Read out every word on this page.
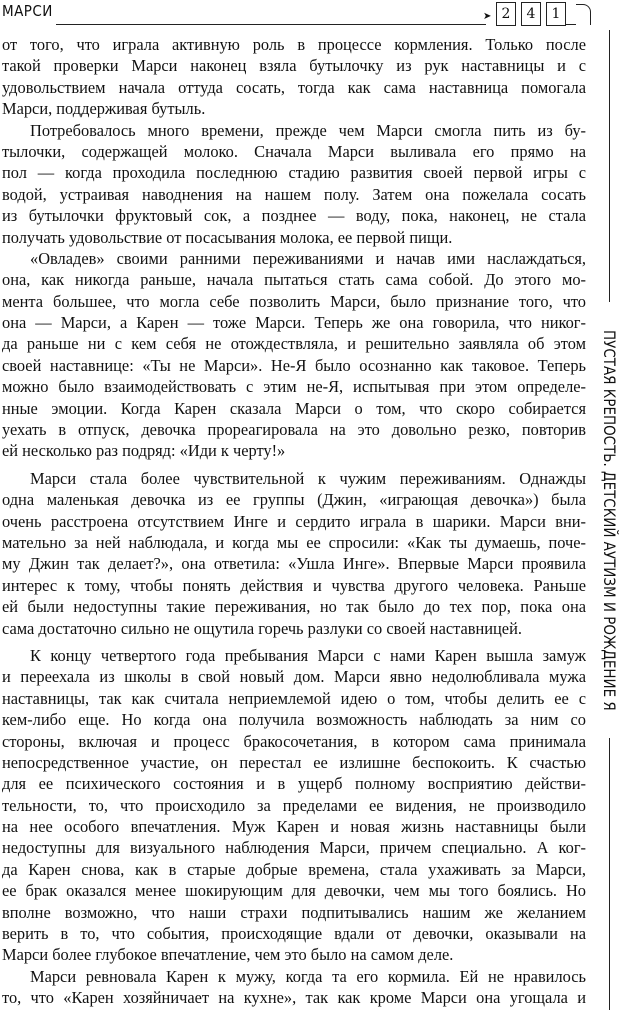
МАРСИ	➤ 2	4	1
ПУСТАЯ КРЕПОСТЬ. ДЕТСКИЙ АУТИЗМ И РОЖДЕНИЕ Я
от того, что играла активную роль в процессе кормления. Только после
такой проверки Марси наконец взяла бутылочку из рук наставницы и с
удовольствием начала оттуда сосать, тогда как сама наставница помогала
Марси, поддерживая бутыль.
Потребовалось много времени, прежде чем Марси смогла пить из бу-
тылочки, содержащей молоко. Сначала Марси выливала его прямо на
пол — когда проходила последнюю стадию развития своей первой игры с
водой, устраивая наводнения на нашем полу. Затем она пожелала сосать
из бутылочки фруктовый сок, а позднее — воду, пока, наконец, не стала
получать удовольствие от посасывания молока, ее первой пищи.
«Овладев» своими ранними переживаниями и начав ими наслаждаться,
она, как никогда раньше, начала пытаться стать сама собой. До этого мо-
мента большее, что могла себе позволить Марси, было признание того, что
она — Марси, а Карен — тоже Марси. Теперь же она говорила, что никог-
да раньше ни с кем себя не отождествляла, и решительно заявляла об этом
своей наставнице: «Ты не Марси». Не-Я было осознанно как таковое. Теперь
можно было взаимодействовать с этим не-Я, испытывая при этом определе-
нные эмоции. Когда Карен сказала Марси о том, что скоро собирается
уехать в отпуск, девочка прореагировала на это довольно резко, повторив
ей несколько раз подряд: «Иди к черту!»
Марси стала более чувствительной к чужим переживаниям. Однажды
одна маленькая девочка из ее группы (Джин, «играющая девочка») была
очень расстроена отсутствием Инге и сердито играла в шарики. Марси вни-
мательно за ней наблюдала, и когда мы ее спросили: «Как ты думаешь, поче-
му Джин так делает?», она ответила: «Ушла Инге». Впервые Марси проявила
интерес к тому, чтобы понять действия и чувства другого человека. Раньше
ей были недоступны такие переживания, но так было до тех пор, пока она
сама достаточно сильно не ощутила горечь разлуки со своей наставницей.
К концу четвертого года пребывания Марси с нами Карен вышла замуж
и переехала из школы в свой новый дом. Марси явно недолюбливала мужа
наставницы, так как считала неприемлемой идею о том, чтобы делить ее с
кем-либо еще. Но когда она получила возможность наблюдать за ним со
стороны, включая и процесс бракосочетания, в котором сама принимала
непосредственное участие, он перестал ее излишне беспокоить. К счастью
для ее психического состояния и в ущерб полному восприятию действи-
тельности, то, что происходило за пределами ее видения, не производило
на нее особого впечатления. Муж Карен и новая жизнь наставницы были
недоступны для визуального наблюдения Марси, причем специально. А ког-
да Карен снова, как в старые добрые времена, стала ухаживать за Марси,
ее брак оказался менее шокирующим для девочки, чем мы того боялись. Но
вполне возможно, что наши страхи подпитывались нашим же желанием
верить в то, что события, происходящие вдали от девочки, оказывали на
Марси более глубокое впечатление, чем это было на самом деле.
Марси ревновала Карен к мужу, когда та его кормила. Ей не нравилось
то, что «Карен хозяйничает на кухне», так как кроме Марси она угощала и
